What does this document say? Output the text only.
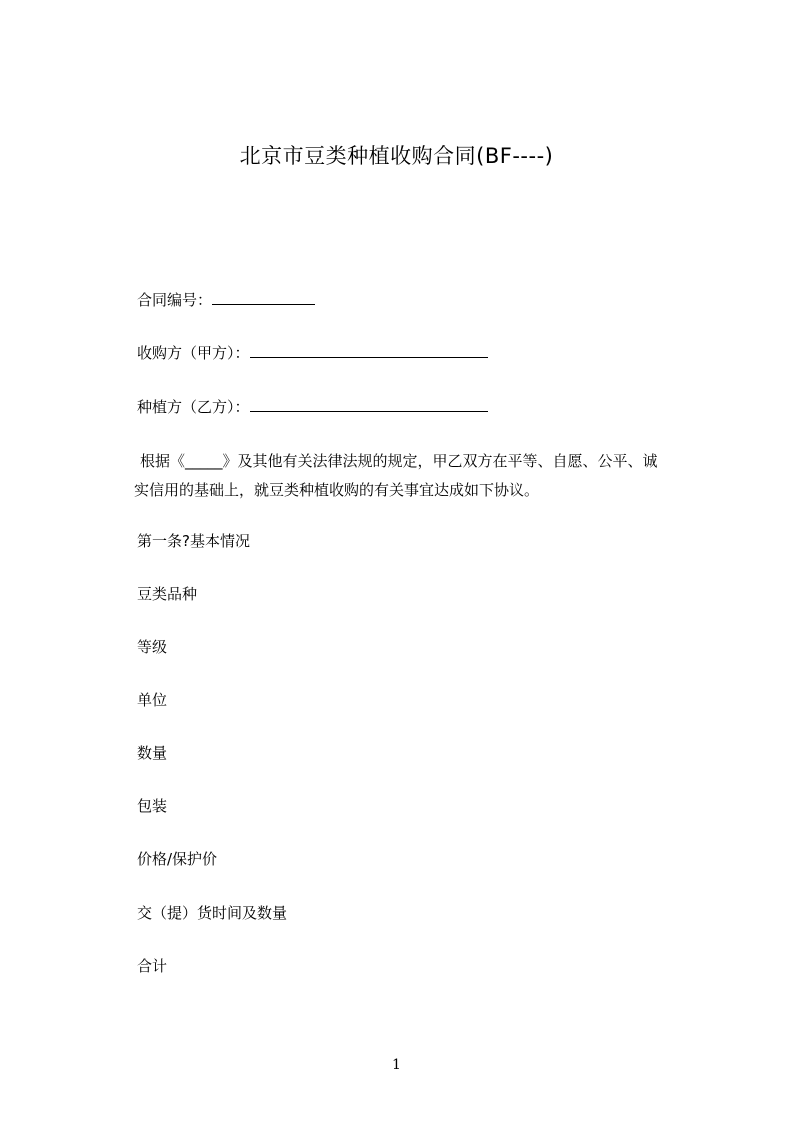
北京市豆类种植收购合同(BF----)
合同编号：
收购方（甲方）：
种植方（乙方）：
根据《_____》及其他有关法律法规的规定，甲乙双方在平等、自愿、公平、诚
实信用的基础上，就豆类种植收购的有关事宜达成如下协议。
第一条?基本情况
豆类品种
等级
单位
数量
包装
价格/保护价
交（提）货时间及数量
合计
1
